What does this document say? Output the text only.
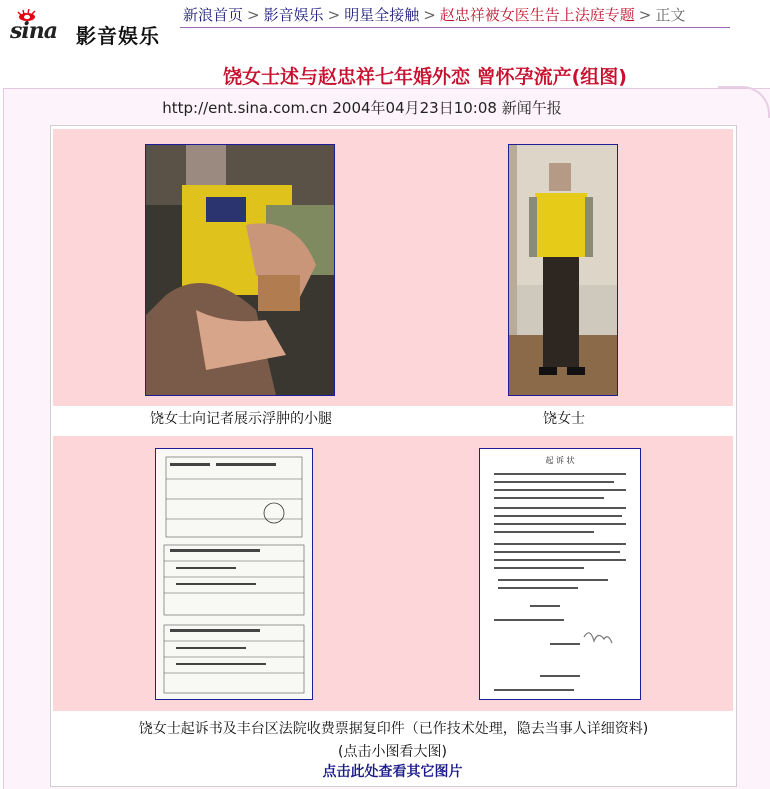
sina 影音娱乐
新浪首页 > 影音娱乐 > 明星全接触 > 赵忠祥被女医生告上法庭专题 > 正文
饶女士述与赵忠祥七年婚外恋 曾怀孕流产(组图)
http://ent.sina.com.cn 2004年04月23日10:08 新闻午报
饶女士向记者展示浮肿的小腿	饶女士
起 诉 状
饶女士起诉书及丰台区法院收费票据复印件（已作技术处理，隐去当事人详细资料)
(点击小图看大图)
点击此处查看其它图片
